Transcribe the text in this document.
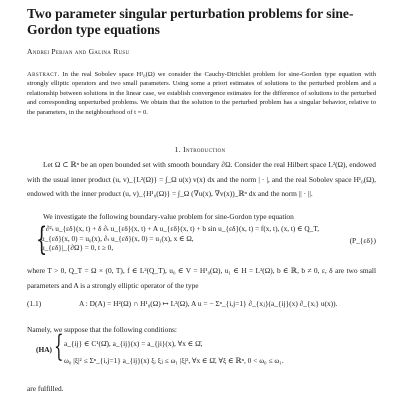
Two parameter singular perturbation problems for sine-Gordon type equations
Andrei Perjan and Galina Rusu

Abstract. In the real Sobolev space H¹₀(Ω) we consider the Cauchy-Dirichlet problem for sine-Gordon type equation with strongly elliptic operators and two small parameters. Using some a priori estimates of solutions to the perturbed problem and a relationship between solutions in the linear case, we establish convergence estimates for the difference of solutions to the perturbed and corresponding unperturbed problems. We obtain that the solution to the perturbed problem has a singular behavior, relative to the parameters, in the neighbourhood of t = 0.

1. Introduction

Let Ω ⊂ ℝⁿ be an open bounded set with smooth boundary ∂Ω. Consider the real Hilbert space L²(Ω), endowed with the usual inner product (u, v)_{L²(Ω)} = ∫_Ω u(x) v(x) dx and the norm | · |, and the real Sobolev space H¹₀(Ω), endowed with the inner product (u, v)_{H¹₀(Ω)} = ∫_Ω (∇u(x), ∇v(x))_ℝⁿ dx and the norm || · ||.

We investigate the following boundary-value problem for sine-Gordon type equation

{
ε ∂²ₜ u_{εδ}(x, t) + δ ∂ₜ u_{εδ}(x, t) + A u_{εδ}(x, t) + b sin u_{εδ}(x, t) = f(x, t), (x, t) ∈ Q_T,
u_{εδ}(x, 0) = u₀(x), ∂ₜ u_{εδ}(x, 0) = u₁(x), x ∈ Ω,
u_{εδ}|_{∂Ω} = 0, t ≥ 0,
(P_{εδ})

where T > 0, Q_T = Ω × (0, T), f ∈ L²(Q_T), u₀ ∈ V = H¹₀(Ω), u₁ ∈ H = L²(Ω), b ∈ ℝ, b ≠ 0, ε, δ are two small parameters and A is a strongly elliptic operator of the type

(1.1)	A : D(A) = H²(Ω) ∩ H¹₀(Ω) ↦ L²(Ω), A u = − Σⁿ_{i,j=1} ∂_{xⱼ}(a_{ij}(x) ∂_{xᵢ} u(x)).

Namely, we suppose that the following conditions:

(HA) { a_{ij} ∈ C¹(Ω̄), a_{ij}(x) = a_{ji}(x), ∀x ∈ Ω̄,
ω₀ |ξ|² ≤ Σⁿ_{i,j=1} a_{ij}(x) ξᵢ ξⱼ ≤ ω₁ |ξ|², ∀x ∈ Ω̄, ∀ξ ∈ ℝⁿ, 0 < ω₀ ≤ ω₁.

are fulfilled.
